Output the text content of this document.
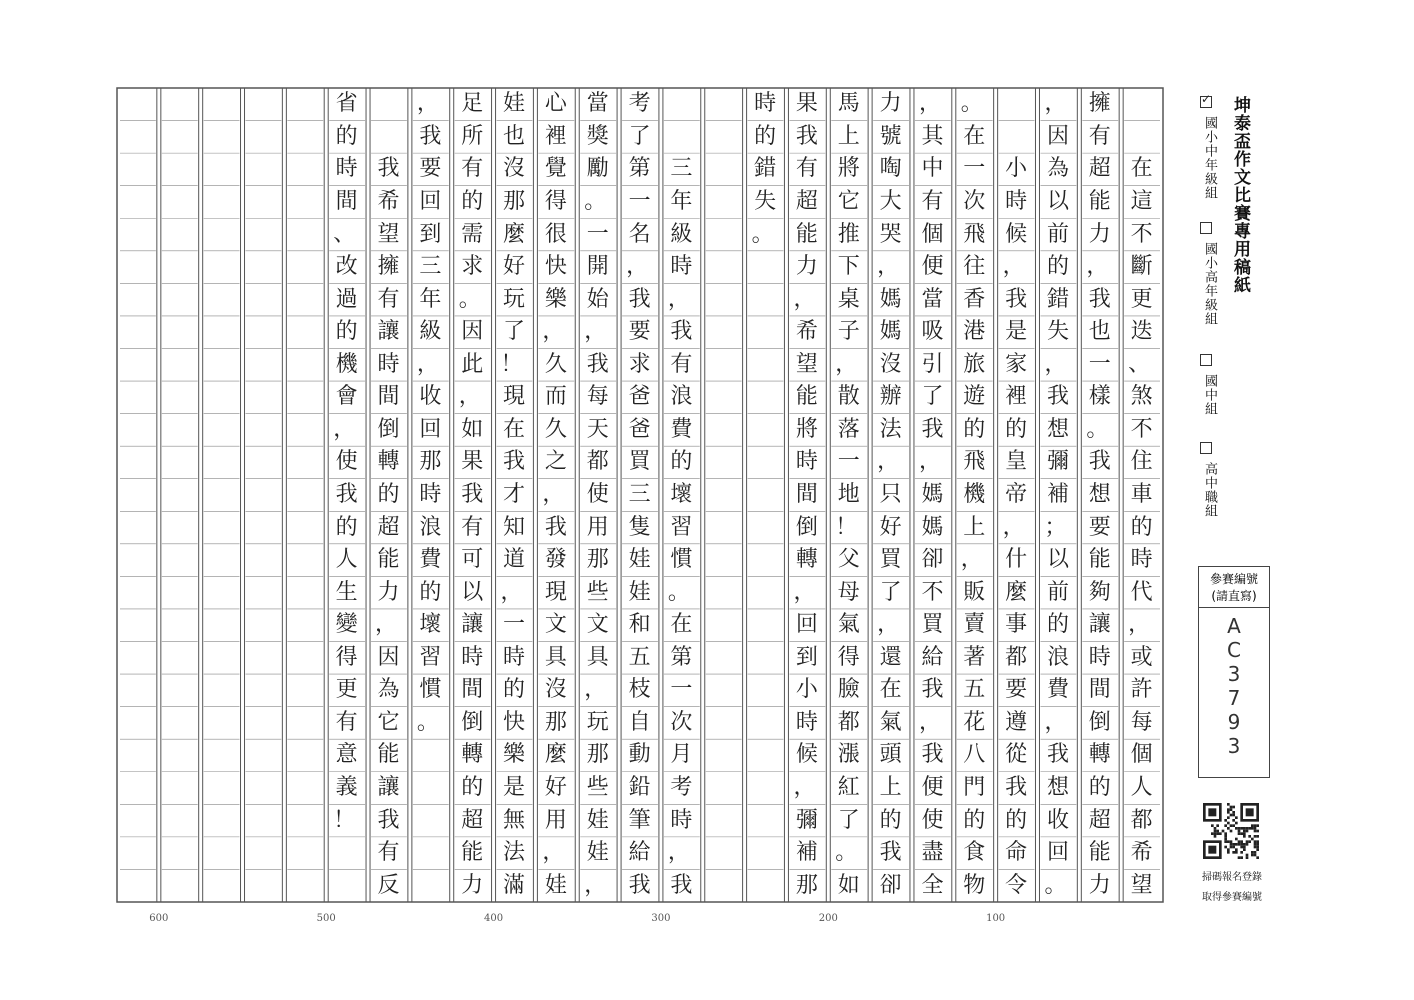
在
這
不
斷
更
迭
、
煞
不
住
車
的
時
代
，
或
許
每
個
人
都
希
望
擁
有
超
能
力
，
我
也
一
樣
。
我
想
要
能
夠
讓
時
間
倒
轉
的
超
能
力
，
因
為
以
前
的
錯
失
，
我
想
彌
補
；
以
前
的
浪
費
，
我
想
收
回
。

小
時
候
，
我
是
家
裡
的
皇
帝
，
什
麼
事
都
要
遵
從
我
的
命
令
。
在
一
次
飛
往
香
港
旅
遊
的
飛
機
上
，
販
賣
著
五
花
八
門
的
食
物
，
其
中
有
個
便
當
吸
引
了
我
，
媽
媽
卻
不
買
給
我
，
我
便
使
盡
全
力
號
啕
大
哭
，
媽
媽
沒
辦
法
，
只
好
買
了
，
還
在
氣
頭
上
的
我
卻
馬
上
將
它
推
下
桌
子
，
散
落
一
地
！
父
母
氣
得
臉
都
漲
紅
了
。
如
果
我
有
超
能
力
，
希
望
能
將
時
間
倒
轉
，
回
到
小
時
候
，
彌
補
那
時
的
錯
失
。

三
年
級
時
，
我
有
浪
費
的
壞
習
慣
。
在
第
一
次
月
考
時
，
我
考
了
第
一
名
，
我
要
求
爸
爸
買
三
隻
娃
娃
和
五
枝
自
動
鉛
筆
給
我
當
獎
勵
。
一
開
始
，
我
每
天
都
使
用
那
些
文
具
，
玩
那
些
娃
娃
，
心
裡
覺
得
很
快
樂
，
久
而
久
之
，
我
發
現
文
具
沒
那
麼
好
用
，
娃
娃
也
沒
那
麼
好
玩
了
！
現
在
我
才
知
道
，
一
時
的
快
樂
是
無
法
滿
足
所
有
的
需
求
。
因
此
，
如
果
我
有
可
以
讓
時
間
倒
轉
的
超
能
力
，
我
要
回
到
三
年
級
，
收
回
那
時
浪
費
的
壞
習
慣
。

我
希
望
擁
有
讓
時
間
倒
轉
的
超
能
力
，
因
為
它
能
讓
我
有
反
省
的
時
間
、
改
過
的
機
會
，
使
我
的
人
生
變
得
更
有
意
義
！
100
200
300
400
500
600
坤泰盃作文比賽專用稿紙
✓
國小中年級組
國小高年級組
國中組
高中職組
參賽編號
(請直寫)
A
C
3
7
9
3
掃碼報名登錄
取得參賽編號
